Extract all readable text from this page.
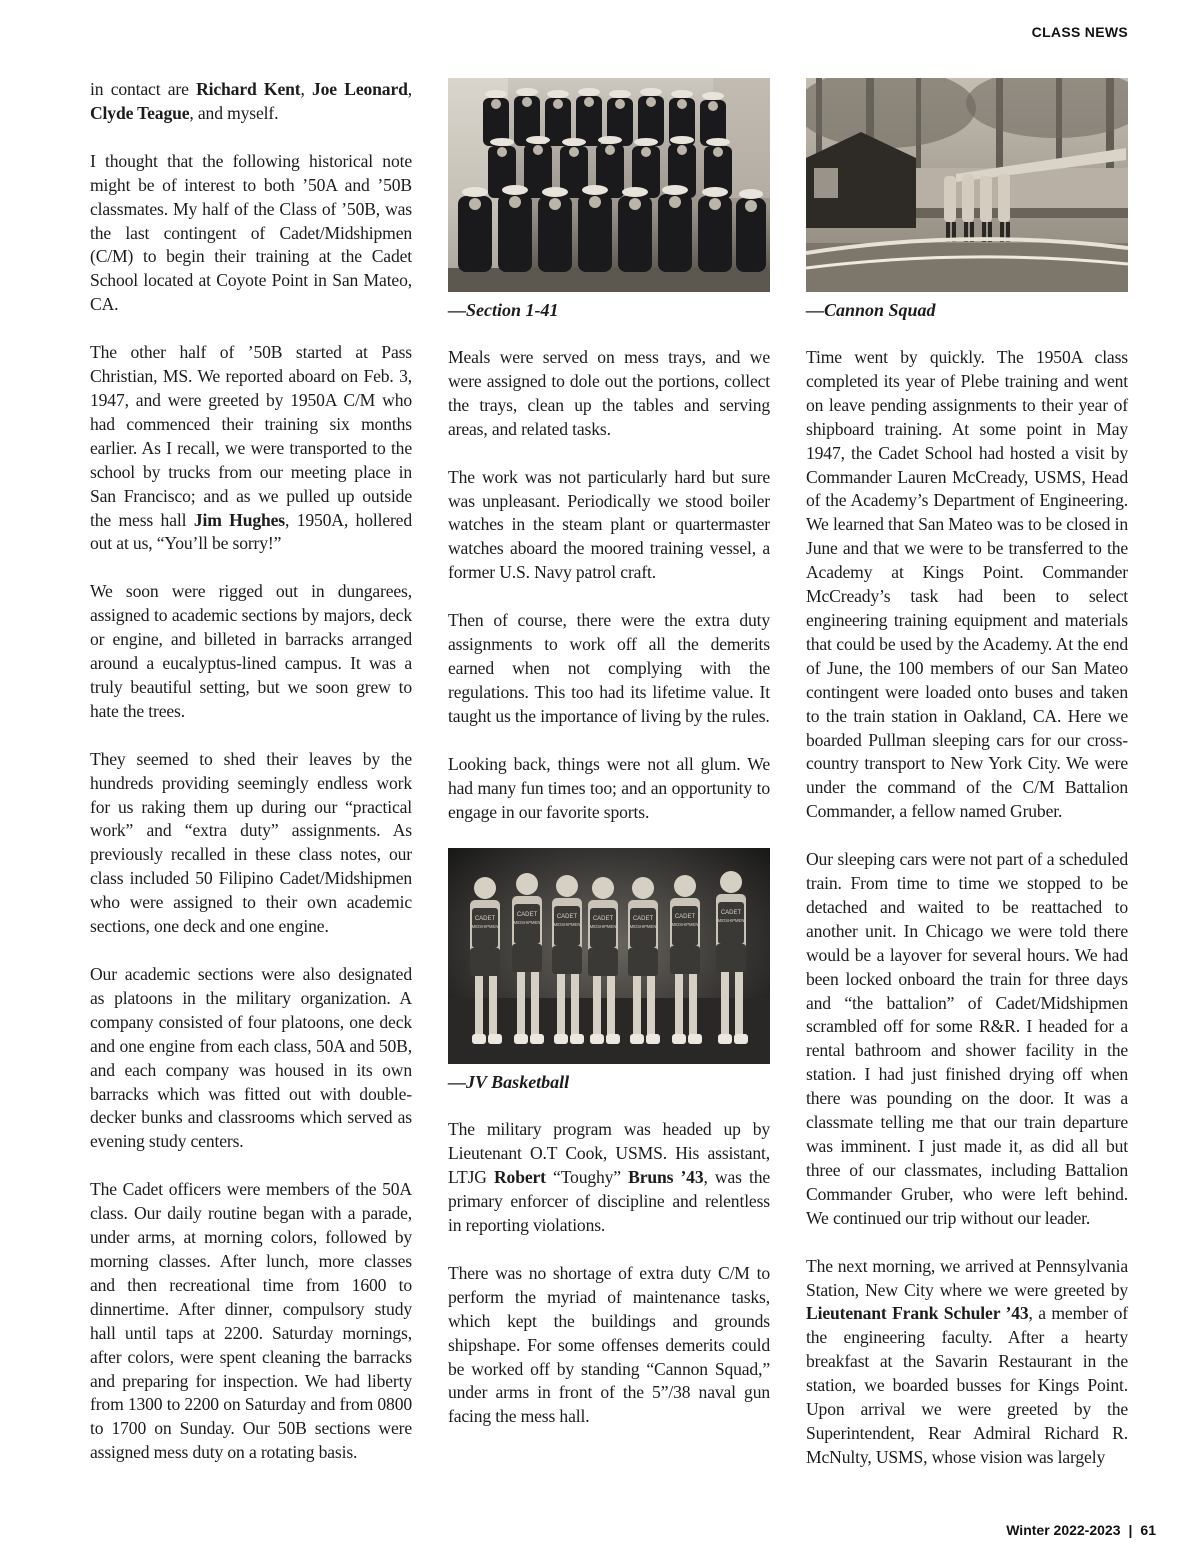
CLASS NEWS

in contact are Richard Kent, Joe Leonard, Clyde Teague, and myself.

I thought that the following historical note might be of interest to both ’50A and ’50B classmates. My half of the Class of ’50B, was the last contingent of Cadet/Midshipmen (C/M) to begin their training at the Cadet School located at Coyote Point in San Mateo, CA.

The other half of ’50B started at Pass Christian, MS. We reported aboard on Feb. 3, 1947, and were greeted by 1950A C/M who had commenced their training six months earlier. As I recall, we were transported to the school by trucks from our meeting place in San Francisco; and as we pulled up outside the mess hall Jim Hughes, 1950A, hollered out at us, “You’ll be sorry!”

We soon were rigged out in dungarees, assigned to academic sections by majors, deck or engine, and billeted in barracks arranged around a eucalyptus-lined campus. It was a truly beautiful setting, but we soon grew to hate the trees.

They seemed to shed their leaves by the hundreds providing seemingly endless work for us raking them up during our “practical work” and “extra duty” assignments. As previously recalled in these class notes, our class included 50 Filipino Cadet/Midshipmen who were assigned to their own academic sections, one deck and one engine.

Our academic sections were also designated as platoons in the military organization. A company consisted of four platoons, one deck and one engine from each class, 50A and 50B, and each company was housed in its own barracks which was fitted out with double-decker bunks and classrooms which served as evening study centers.

The Cadet officers were members of the 50A class. Our daily routine began with a parade, under arms, at morning colors, followed by morning classes. After lunch, more classes and then recreational time from 1600 to dinnertime. After dinner, compulsory study hall until taps at 2200. Saturday mornings, after colors, were spent cleaning the barracks and preparing for inspection. We had liberty from 1300 to 2200 on Saturday and from 0800 to 1700 on Sunday. Our 50B sections were assigned mess duty on a rotating basis.

—Section 1-41

Meals were served on mess trays, and we were assigned to dole out the portions, collect the trays, clean up the tables and serving areas, and related tasks.

The work was not particularly hard but sure was unpleasant. Periodically we stood boiler watches in the steam plant or quartermaster watches aboard the moored training vessel, a former U.S. Navy patrol craft.

Then of course, there were the extra duty assignments to work off all the demerits earned when not complying with the regulations. This too had its lifetime value. It taught us the importance of living by the rules.

Looking back, things were not all glum. We had many fun times too; and an opportunity to engage in our favorite sports.

CADET
MIDSHIPMEN
CADET
MIDSHIPMEN
CADET
MIDSHIPMEN
CADET
MIDSHIPMEN
CADET
MIDSHIPMEN
CADET
MIDSHIPMEN
CADET
MIDSHIPMEN
—JV Basketball

The military program was headed up by Lieutenant O.T Cook, USMS. His assistant, LTJG Robert “Toughy” Bruns ’43, was the primary enforcer of discipline and relentless in reporting violations.

There was no shortage of extra duty C/M to perform the myriad of maintenance tasks, which kept the buildings and grounds shipshape. For some offenses demerits could be worked off by standing “Cannon Squad,” under arms in front of the 5”/38 naval gun facing the mess hall.

—Cannon Squad

Time went by quickly. The 1950A class completed its year of Plebe training and went on leave pending assignments to their year of shipboard training. At some point in May 1947, the Cadet School had hosted a visit by Commander Lauren McCready, USMS, Head of the Academy’s Department of Engineering. We learned that San Mateo was to be closed in June and that we were to be transferred to the Academy at Kings Point. Commander McCready’s task had been to select engineering training equipment and materials that could be used by the Academy. At the end of June, the 100 members of our San Mateo contingent were loaded onto buses and taken to the train station in Oakland, CA. Here we boarded Pullman sleeping cars for our cross-country transport to New York City. We were under the command of the C/M Battalion Commander, a fellow named Gruber.

Our sleeping cars were not part of a scheduled train. From time to time we stopped to be detached and waited to be reattached to another unit. In Chicago we were told there would be a layover for several hours. We had been locked onboard the train for three days and “the battalion” of Cadet/Midshipmen scrambled off for some R&R. I headed for a rental bathroom and shower facility in the station. I had just finished drying off when there was pounding on the door. It was a classmate telling me that our train departure was imminent. I just made it, as did all but three of our classmates, including Battalion Commander Gruber, who were left behind. We continued our trip without our leader.

The next morning, we arrived at Pennsylvania Station, New City where we were greeted by Lieutenant Frank Schuler ’43, a member of the engineering faculty. After a hearty breakfast at the Savarin Restaurant in the station, we boarded busses for Kings Point. Upon arrival we were greeted by the Superintendent, Rear Admiral Richard R. McNulty, USMS, whose vision was largely

Winter 2022-2023 | 61
